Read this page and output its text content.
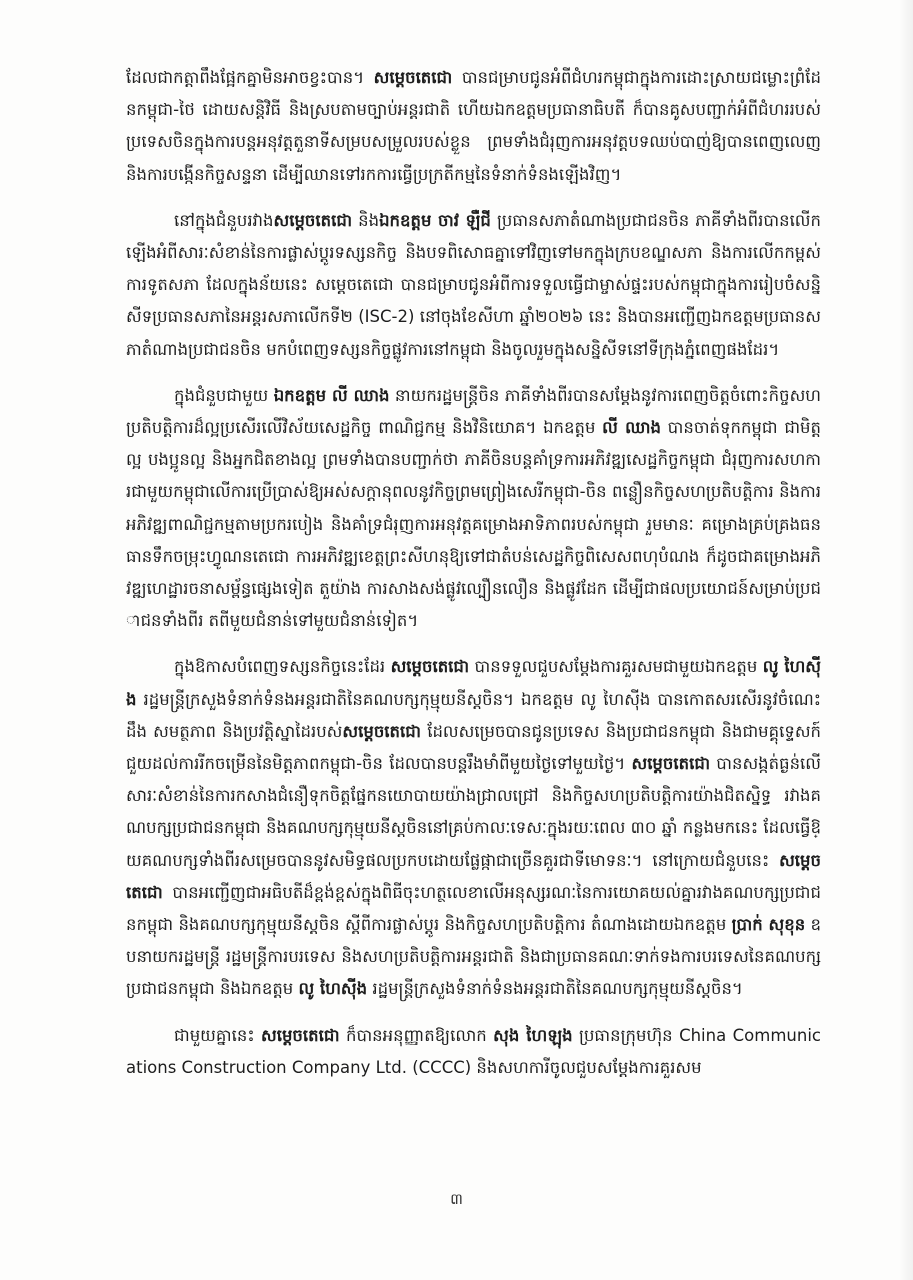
ដែលជាកត្តាពឹងផ្អែកគ្នាមិនអាចខ្វះបាន។ សម្តេចតេជោ បានជម្រាបជូនអំពីជំហរកម្ពុជាក្នុងការដោះស្រាយជម្លោះព្រំដែនកម្ពុជា-ថៃ ដោយសន្តិវិធី និងស្របតាមច្បាប់អន្តរជាតិ ហើយឯកឧត្តមប្រធានាធិបតី ក៏បានគូសបញ្ជាក់អំពីជំហររបស់ប្រទេសចិនក្នុងការបន្តអនុវត្តតួនាទីសម្របសម្រួលរបស់ខ្លួន ព្រមទាំងជំរុញការអនុវត្តបទឈប់បាញ់ឱ្យបានពេញលេញ និងការបង្កើនកិច្ចសន្ទនា ដើម្បីឈានទៅរកការធ្វើប្រក្រតីកម្មនៃទំនាក់ទំនងឡើងវិញ។

នៅក្នុងជំនួបរវាងសម្តេចតេជោ និងឯកឧត្តម ចាវ ឡឺជី ប្រធានសភាតំណាងប្រជាជនចិន ភាគីទាំងពីរបានលើកឡើងអំពីសារៈសំខាន់នៃការផ្លាស់ប្តូរទស្សនកិច្ច និងបទពិសោធគ្នាទៅវិញទៅមកក្នុងក្របខណ្ឌសភា និងការលើកកម្ពស់ការទូតសភា ដែលក្នុងន័យនេះ សម្តេចតេជោ បានជម្រាបជូនអំពីការទទួលធ្វើជាម្ចាស់ផ្ទះរបស់កម្ពុជាក្នុងការរៀបចំសន្និសីទប្រធានសភានៃអន្តរសភាលើកទី២ (ISC-2) នៅចុងខែសីហា ឆ្នាំ២០២៦ នេះ និងបានអញ្ជើញឯកឧត្តមប្រធានសភាតំណាងប្រជាជនចិន មកបំពេញទស្សនកិច្ចផ្លូវការនៅកម្ពុជា និងចូលរួមក្នុងសន្និសីទនៅទីក្រុងភ្នំពេញផងដែរ។

ក្នុងជំនួបជាមួយ ឯកឧត្តម លី ឈាង នាយករដ្ឋមន្ត្រីចិន ភាគីទាំងពីរបានសម្តែងនូវការពេញចិត្តចំពោះកិច្ចសហប្រតិបត្តិការដ៏ល្អប្រសើរលើវិស័យសេដ្ឋកិច្ច ពាណិជ្ជកម្ម និងវិនិយោគ។ ឯកឧត្តម លី ឈាង បានចាត់ទុកកម្ពុជា ជាមិត្តល្អ បងប្អូនល្អ និងអ្នកជិតខាងល្អ ព្រមទាំងបានបញ្ជាក់ថា ភាគីចិនបន្តគាំទ្រការអភិវឌ្ឍសេដ្ឋកិច្ចកម្ពុជា ជំរុញការសហការជាមួយកម្ពុជាលើការប្រើប្រាស់ឱ្យអស់សក្តានុពលនូវកិច្ចព្រមព្រៀងសេរីកម្ពុជា-ចិន ពន្លឿនកិច្ចសហប្រតិបត្តិការ និងការអភិវឌ្ឍពាណិជ្ជកម្មតាមប្រករបៀង និងគាំទ្រជំរុញការអនុវត្តគម្រោងអាទិភាពរបស់កម្ពុជា រួមមានៈ គម្រោងគ្រប់គ្រងធនធានទឹកចម្រុះហ្វូណនតេជោ ការអភិវឌ្ឍខេត្តព្រះសីហនុឱ្យទៅជាតំបន់សេដ្ឋកិច្ចពិសេសពហុបំណង ក៏ដូចជាគម្រោងអភិវឌ្ឍហេដ្ឋារចនាសម្ព័ន្ធផ្សេងទៀត តួយ៉ាង ការសាងសង់ផ្លូវល្បឿនលឿន និងផ្លូវដែក ដើម្បីជាផលប្រយោជន៍សម្រាប់ប្រជាជនទាំងពីរ តពីមួយជំនាន់ទៅមួយជំនាន់ទៀត។

ក្នុងឱកាសបំពេញទស្សនកិច្ចនេះដែរ សម្តេចតេជោ បានទទួលជួបសម្តែងការគួរសមជាមួយឯកឧត្តម លូ ហៃស៊ីង រដ្ឋមន្ត្រីក្រសួងទំនាក់ទំនងអន្តរជាតិនៃគណបក្សកុម្មុយនីស្តចិន។ ឯកឧត្តម លូ ហៃស៊ីង បានកោតសរសើរនូវចំណេះដឹង សមត្ថភាព និងប្រវត្តិស្នាដៃរបស់សម្តេចតេជោ ដែលសម្រេចបានជូនប្រទេស និងប្រជាជនកម្ពុជា និងជាមគ្គុទ្ទេសក៍ជួយដល់ការរីកចម្រើននៃមិត្តភាពកម្ពុជា-ចិន ដែលបានបន្តរឹងមាំពីមួយថ្ងៃទៅមួយថ្ងៃ។ សម្តេចតេជោ បានសង្កត់ធ្ងន់លើសារៈសំខាន់នៃការកសាងជំនឿទុកចិត្តផ្នែកនយោបាយយ៉ាងជ្រាលជ្រៅ និងកិច្ចសហប្រតិបត្តិការយ៉ាងជិតស្និទ្ធ រវាងគណបក្សប្រជាជនកម្ពុជា និងគណបក្សកុម្មុយនីស្តចិននៅគ្រប់កាលៈទេសៈក្នុងរយៈពេល ៣០ ឆ្នាំ កន្លងមកនេះ ដែលធ្វើឱ្យគណបក្សទាំងពីរសម្រេចបាននូវសមិទ្ធផលប្រកបដោយផ្លែផ្កាជាច្រើនគួរជាទីមោទនៈ។ នៅក្រោយជំនួបនេះ សម្តេចតេជោ បានអញ្ជើញជាអធិបតីដ៏ខ្ពង់ខ្ពស់ក្នុងពិធីចុះហត្ថលេខាលើអនុស្សរណៈនៃការយោគយល់គ្នារវាងគណបក្សប្រជាជនកម្ពុជា និងគណបក្សកុម្មុយនីស្តចិន ស្តីពីការផ្លាស់ប្តូរ និងកិច្ចសហប្រតិបត្តិការ តំណាងដោយឯកឧត្តម ប្រាក់ សុខុន ឧបនាយករដ្ឋមន្ត្រី រដ្ឋមន្ត្រីការបរទេស និងសហប្រតិបត្តិការអន្តរជាតិ និងជាប្រធានគណៈទាក់ទងការបរទេសនៃគណបក្សប្រជាជនកម្ពុជា និងឯកឧត្តម លូ ហៃស៊ីង រដ្ឋមន្ត្រីក្រសួងទំនាក់ទំនងអន្តរជាតិនៃគណបក្សកុម្មុយនីស្តចិន។

ជាមួយគ្នានេះ សម្តេចតេជោ ក៏បានអនុញ្ញាតឱ្យលោក សុង ហៃឡុង ប្រធានក្រុមហ៊ុន China Communications Construction Company Ltd. (CCCC) និងសហការីចូលជួបសម្តែងការគួរសម

៣
